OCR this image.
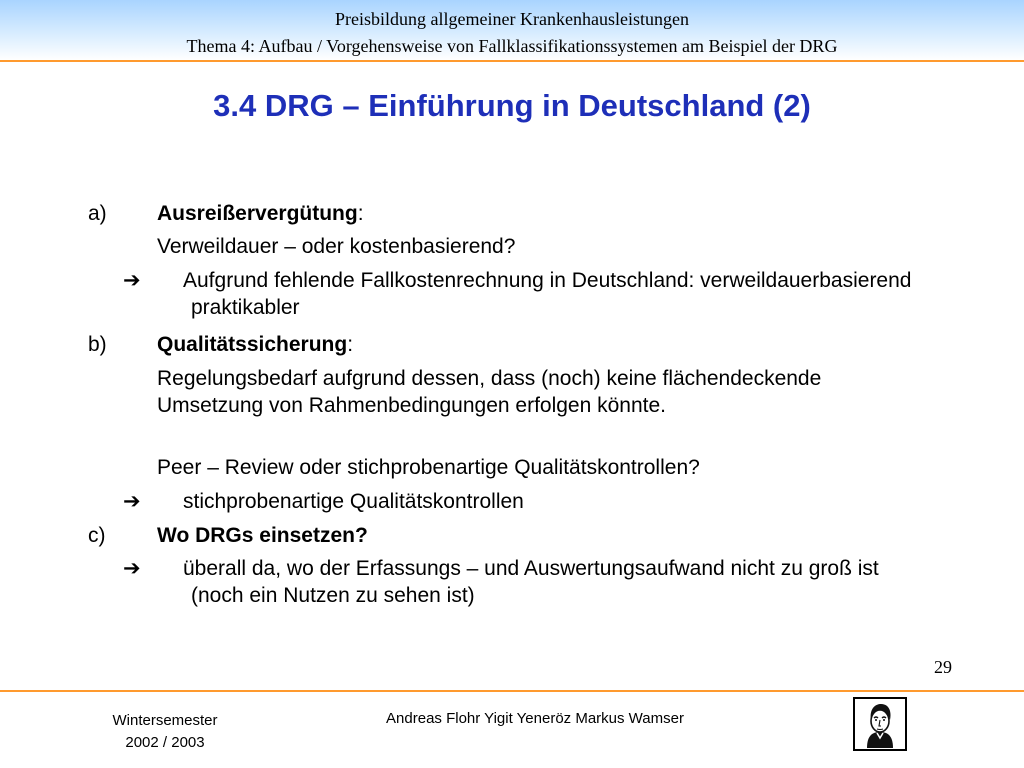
Preisbildung allgemeiner Krankenhausleistungen
Thema 4: Aufbau / Vorgehensweise von Fallklassifikationssystemen am Beispiel der DRG
3.4 DRG – Einführung in Deutschland (2)
a) Ausreißervergütung:
Verweildauer – oder kostenbasierend?
➔ Aufgrund fehlende Fallkostenrechnung in Deutschland: verweildauerbasierend praktikabler
b) Qualitätssicherung:
Regelungsbedarf aufgrund dessen, dass (noch) keine flächendeckende Umsetzung von Rahmenbedingungen erfolgen könnte.
Peer – Review oder stichprobenartige Qualitätskontrollen?
➔ stichprobenartige Qualitätskontrollen
c) Wo DRGs einsetzen?
➔ überall da, wo der Erfassungs – und Auswertungsaufwand nicht zu groß ist (noch ein Nutzen zu sehen ist)
29
Wintersemester
2002 / 2003
Andreas Flohr Yigit Yeneröz Markus Wamser
